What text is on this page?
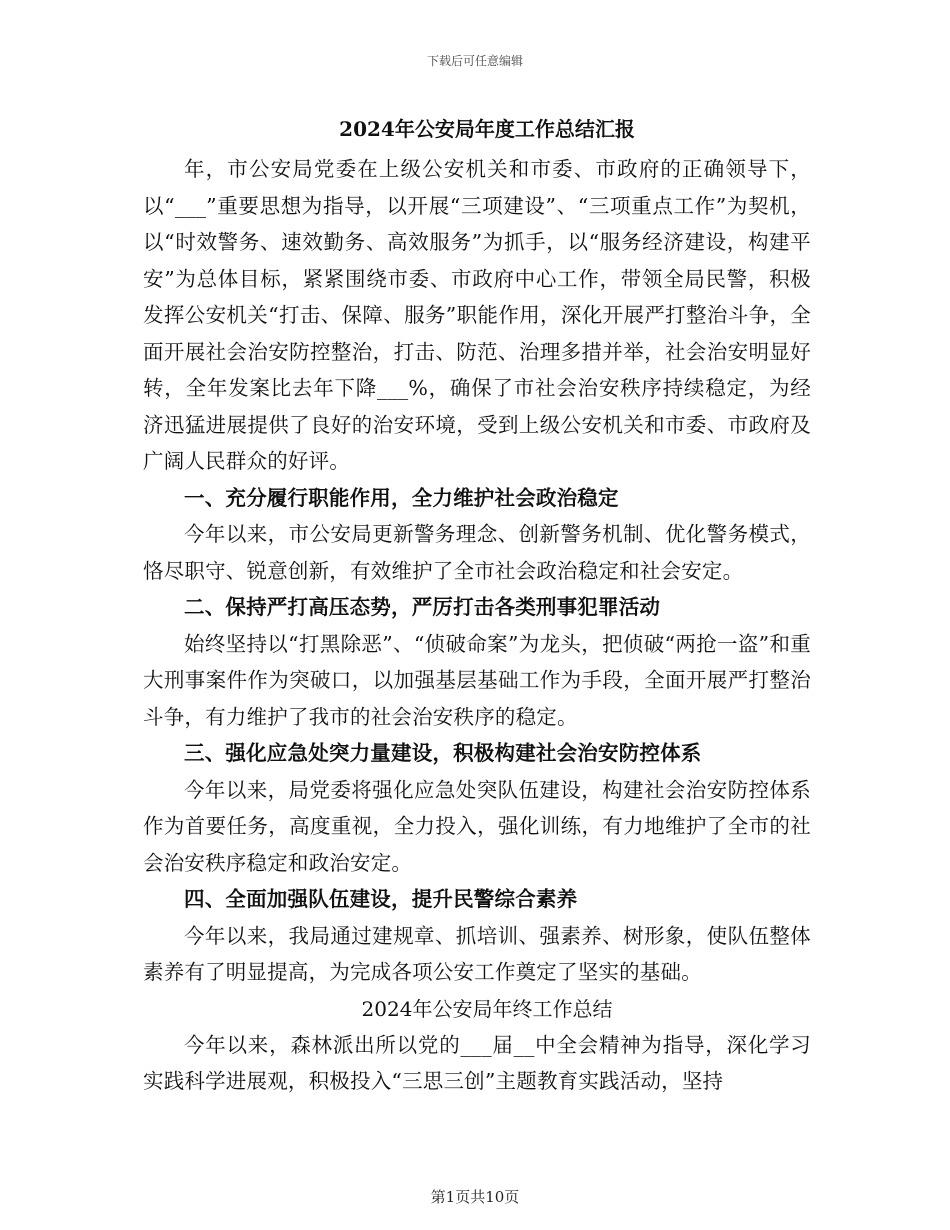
下载后可任意编辑
2024年公安局年度工作总结汇报

年，市公安局党委在上级公安机关和市委、市政府的正确领导下，以“___”重要思想为指导，以开展“三项建设”、“三项重点工作”为契机，以“时效警务、速效勤务、高效服务”为抓手，以“服务经济建设，构建平安”为总体目标，紧紧围绕市委、市政府中心工作，带领全局民警，积极发挥公安机关“打击、保障、服务”职能作用，深化开展严打整治斗争，全面开展社会治安防控整治，打击、防范、治理多措并举，社会治安明显好转，全年发案比去年下降___%，确保了市社会治安秩序持续稳定，为经济迅猛进展提供了良好的治安环境，受到上级公安机关和市委、市政府及广阔人民群众的好评。

一、充分履行职能作用，全力维护社会政治稳定

今年以来，市公安局更新警务理念、创新警务机制、优化警务模式，恪尽职守、锐意创新，有效维护了全市社会政治稳定和社会安定。

二、保持严打高压态势，严厉打击各类刑事犯罪活动

始终坚持以“打黑除恶”、“侦破命案”为龙头，把侦破“两抢一盗”和重大刑事案件作为突破口，以加强基层基础工作为手段，全面开展严打整治斗争，有力维护了我市的社会治安秩序的稳定。

三、强化应急处突力量建设，积极构建社会治安防控体系

今年以来，局党委将强化应急处突队伍建设，构建社会治安防控体系作为首要任务，高度重视，全力投入，强化训练，有力地维护了全市的社会治安秩序稳定和政治安定。

四、全面加强队伍建设，提升民警综合素养

今年以来，我局通过建规章、抓培训、强素养、树形象，使队伍整体素养有了明显提高，为完成各项公安工作奠定了坚实的基础。

2024年公安局年终工作总结

今年以来，森林派出所以党的___届__中全会精神为指导，深化学习实践科学进展观，积极投入“三思三创”主题教育实践活动，坚持

第1页共10页
